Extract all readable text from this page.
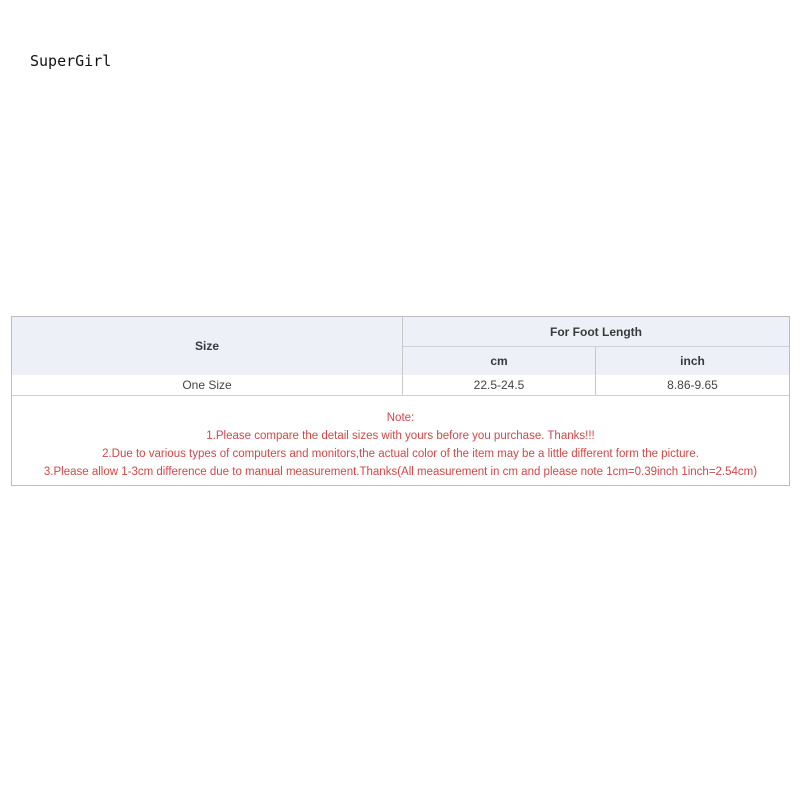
SuperGirl
Size
For Foot Length
cm	inch
One Size	22.5-24.5	8.86-9.65
Note:
1.Please compare the detail sizes with yours before you purchase. Thanks!!!
2.Due to various types of computers and monitors,the actual color of the item may be a little different form the picture.
3.Please allow 1-3cm difference due to manual measurement.Thanks(All measurement in cm and please note 1cm=0.39inch 1inch=2.54cm)
